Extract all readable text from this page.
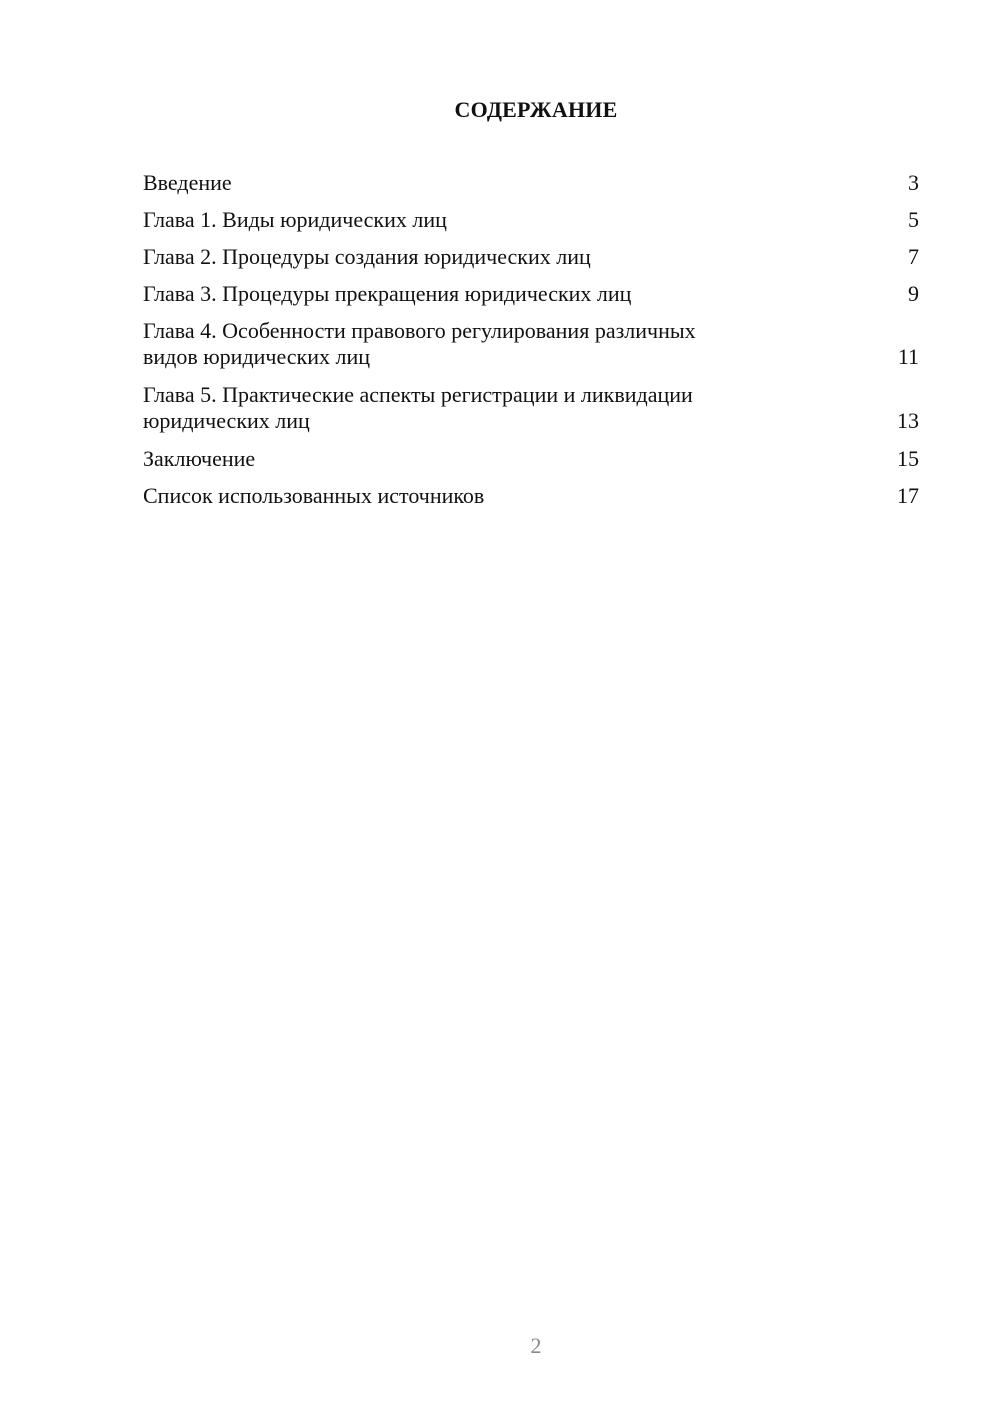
СОДЕРЖАНИЕ
Введение	3
Глава 1. Виды юридических лиц	5
Глава 2. Процедуры создания юридических лиц	7
Глава 3. Процедуры прекращения юридических лиц	9
Глава 4. Особенности правового регулирования различных
видов юридических лиц	11
Глава 5. Практические аспекты регистрации и ликвидации
юридических лиц	13
Заключение	15
Список использованных источников	17
2
